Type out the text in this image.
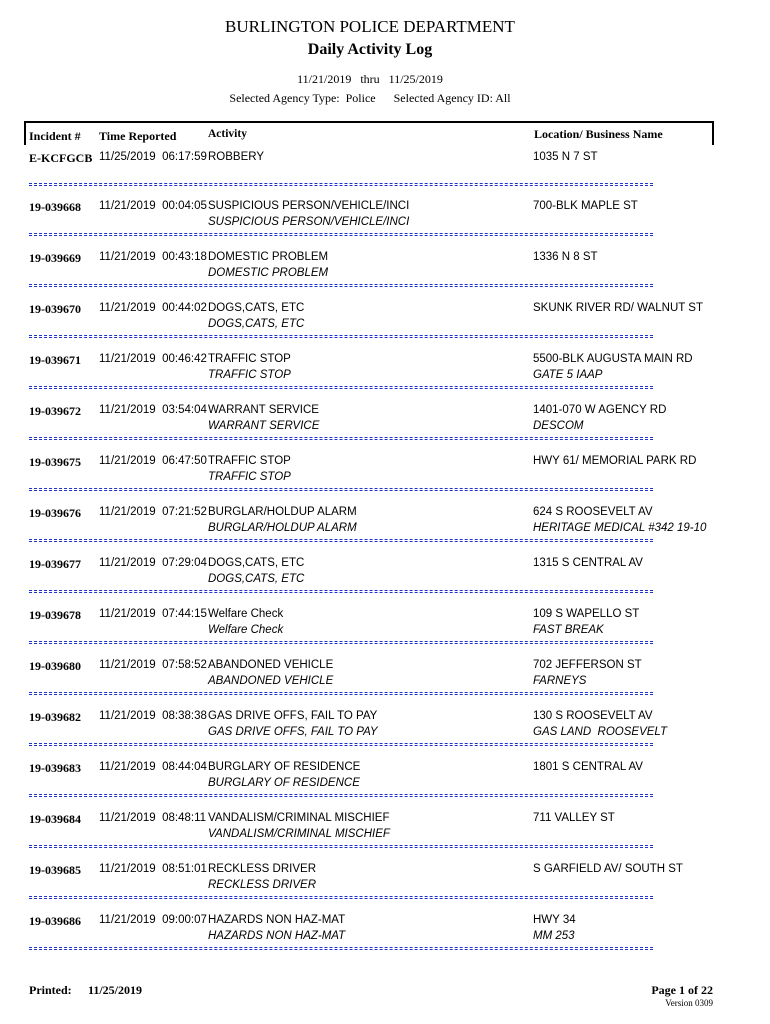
BURLINGTON POLICE DEPARTMENT
Daily Activity Log
11/21/2019   thru   11/25/2019
Selected Agency Type:  Police      Selected Agency ID: All
Incident # Time Reported	Activity	Location/ Business Name
E-KCFGCB 11/25/2019  06:17:59 ROBBERY	1035 N 7 ST
19-039668 11/21/2019  00:04:05 SUSPICIOUS PERSON/VEHICLE/INCI	700-BLK MAPLE ST
SUSPICIOUS PERSON/VEHICLE/INCI
19-039669 11/21/2019  00:43:18 DOMESTIC PROBLEM	1336 N 8 ST
DOMESTIC PROBLEM
19-039670 11/21/2019  00:44:02 DOGS,CATS, ETC	SKUNK RIVER RD/ WALNUT ST
DOGS,CATS, ETC
19-039671 11/21/2019  00:46:42 TRAFFIC STOP	5500-BLK AUGUSTA MAIN RD
TRAFFIC STOP	GATE 5 IAAP
19-039672 11/21/2019  03:54:04 WARRANT SERVICE	1401-070 W AGENCY RD
WARRANT SERVICE	DESCOM
19-039675 11/21/2019  06:47:50 TRAFFIC STOP	HWY 61/ MEMORIAL PARK RD
TRAFFIC STOP
19-039676 11/21/2019  07:21:52 BURGLAR/HOLDUP ALARM	624 S ROOSEVELT AV
BURGLAR/HOLDUP ALARM	HERITAGE MEDICAL #342 19-10
19-039677 11/21/2019  07:29:04 DOGS,CATS, ETC	1315 S CENTRAL AV
DOGS,CATS, ETC
19-039678 11/21/2019  07:44:15 Welfare Check	109 S WAPELLO ST
Welfare Check	FAST BREAK
19-039680 11/21/2019  07:58:52 ABANDONED VEHICLE	702 JEFFERSON ST
ABANDONED VEHICLE	FARNEYS
19-039682 11/21/2019  08:38:38 GAS DRIVE OFFS, FAIL TO PAY	130 S ROOSEVELT AV
GAS DRIVE OFFS, FAIL TO PAY	GAS LAND  ROOSEVELT
19-039683 11/21/2019  08:44:04 BURGLARY OF RESIDENCE	1801 S CENTRAL AV
BURGLARY OF RESIDENCE
19-039684 11/21/2019  08:48:11 VANDALISM/CRIMINAL MISCHIEF	711 VALLEY ST
VANDALISM/CRIMINAL MISCHIEF
19-039685 11/21/2019  08:51:01 RECKLESS DRIVER	S GARFIELD AV/ SOUTH ST
RECKLESS DRIVER
19-039686 11/21/2019  09:00:07 HAZARDS NON HAZ-MAT	HWY 34
HAZARDS NON HAZ-MAT	MM 253
Printed: 11/25/2019	Page 1 of 22
Version 0309
